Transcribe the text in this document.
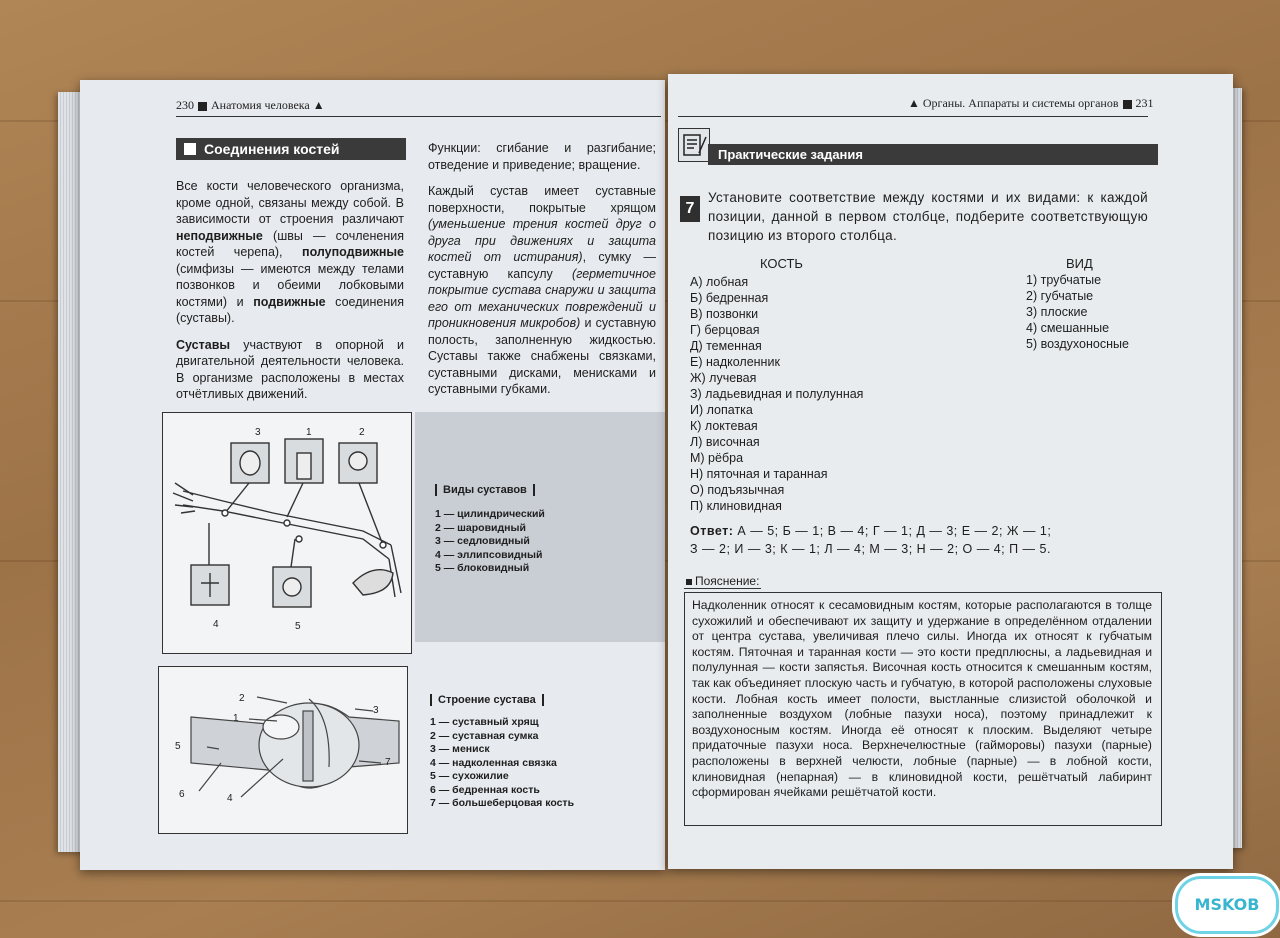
230 Анатомия человека ▲
Соединения костей
Все кости человеческого организма, кроме одной, связаны между собой. В зависимости от строения различают неподвижные (швы — сочленения костей черепа), полуподвижные (симфизы — имеются между телами позвонков и обеими лобковыми костями) и подвижные соединения (суставы).
Суставы участвуют в опорной и двигательной деятельности человека. В организме расположены в местах отчётливых движений.
Функции: сгибание и разгибание; отведение и приведение; вращение.
Каждый сустав имеет суставные поверхности, покрытые хрящом (уменьшение трения костей друг о друга при движениях и защита костей от истирания), сумку — суставную капсулу (герметичное покрытие сустава снаружи и защита его от механических повреждений и проникновения микробов) и суставную полость, заполненную жидкостью. Суставы также снабжены связками, суставными дисками, менисками и суставными губками.
3	1	2
4	5
Виды суставов
1 — цилиндрический
2 — шаровидный
3 — седловидный
4 — эллипсовидный
5 — блоковидный
2
1
3
5
7
6	4
Строение сустава
1 — суставный хрящ
2 — суставная сумка
3 — мениск
4 — надколенная связка
5 — сухожилие
6 — бедренная кость
7 — большеберцовая кость
▲ Органы. Аппараты и системы органов 231
Практические задания
7
Установите соответствие между костями и их видами: к каждой позиции, данной в первом столбце, подберите соответствующую позицию из второго столбца.
КОСТЬ	ВИД
А) лобная
Б) бедренная
В) позвонки
Г) берцовая
Д) теменная
Е) надколенник
Ж) лучевая
З) ладьевидная и полулунная
И) лопатка
К) локтевая
Л) височная
М) рёбра
Н) пяточная и таранная
О) подъязычная
П) клиновидная
1) трубчатые
2) губчатые
3) плоские
4) смешанные
5) воздухоносные
Ответ: А — 5; Б — 1; В — 4; Г — 1; Д — 3; Е — 2; Ж — 1;
З — 2; И — 3; К — 1; Л — 4; М — 3; Н — 2; О — 4; П — 5.
Пояснение:
Надколенник относят к сесамовидным костям, которые располагаются в толще сухожилий и обеспечивают их защиту и удержание в определённом отдалении от центра сустава, увеличивая плечо силы. Иногда их относят к губчатым костям. Пяточная и таранная кости — это кости предплюсны, а ладьевидная и полулунная — кости запястья. Височная кость относится к смешанным костям, так как объединяет плоскую часть и губчатую, в которой расположены слуховые кости. Лобная кость имеет полости, выстланные слизистой оболочкой и заполненные воздухом (лобные пазухи носа), поэтому принадлежит к воздухоносным костям. Иногда её относят к плоским. Выделяют четыре придаточные пазухи носа. Верхнечелюстные (гайморовы) пазухи (парные) расположены в верхней челюсти, лобные (парные) — в лобной кости, клиновидная (непарная) — в клиновидной кости, решётчатый лабиринт сформирован ячейками решётчатой кости.
MSKOB
